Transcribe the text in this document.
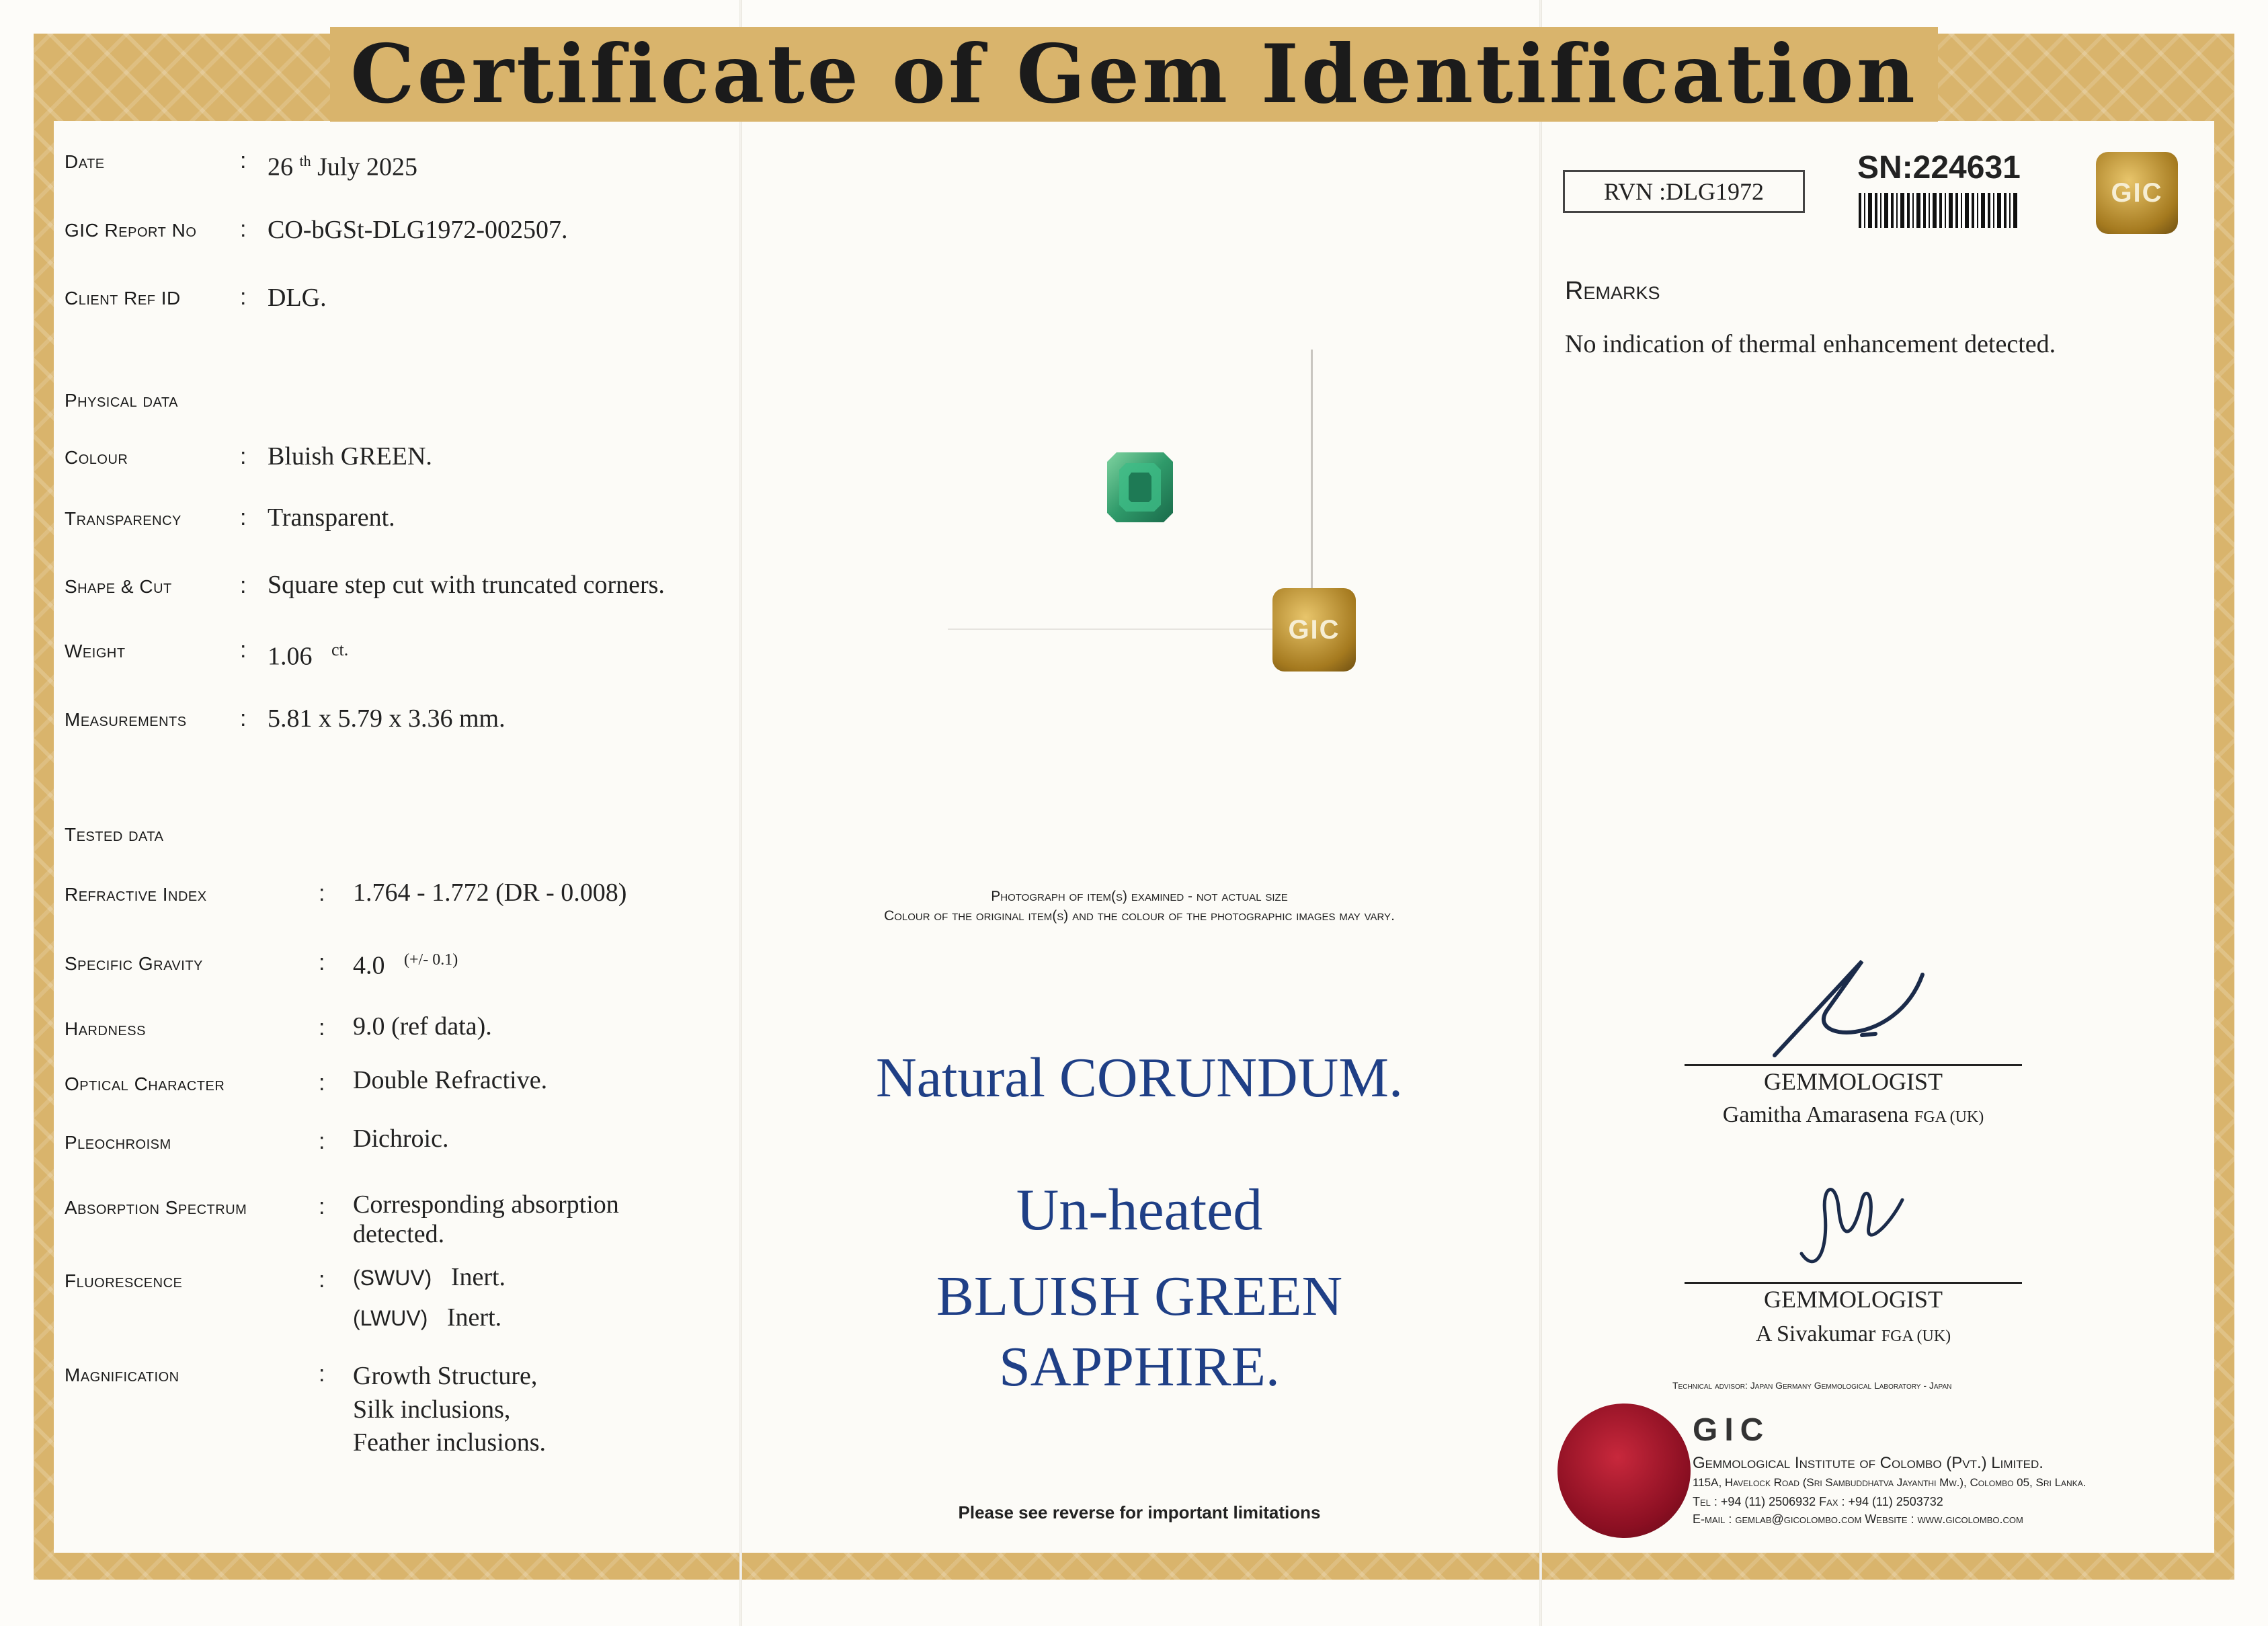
Certificate of Gem Identification
Date	: 26 $^{th}$ July 2025
GIC Report No : CO-bGSt-DLG1972-002507.
Client Ref ID	: DLG.
Physical data
Colour	: Bluish GREEN.
Transparency	: Transparent.
Shape & Cut	: Square step cut with truncated corners.
Weight	: 1.06 $^{ct.}$
Measurements : 5.81 x 5.79 x 3.36 mm.
Tested data
Refractive Index	: 1.764 - 1.772 (DR - 0.008)
Specific Gravity	: 4.0 $^{(+/- 0.1)}$
Hardness	: 9.0 (ref data).
Optical Character	: Double Refractive.
Pleochroism	: Dichroic.
Absorption Spectrum	: Corresponding absorption detected.
Fluorescence	: (SWUV) Inert.
(LWUV) Inert.
Magnification	: Growth Structure,
Silk inclusions,
Feather inclusions.
GIC
Photograph of item(s) examined - not actual size
Colour of the original item(s) and the colour of the photographic images may vary.
Natural CORUNDUM.
Un-heated
BLUISH GREEN
SAPPHIRE.
Please see reverse for important limitations
RVN :DLG1972
SN:224631
GIC
Remarks
No indication of thermal enhancement detected.
GEMMOLOGIST
Gamitha Amarasena FGA (UK)
GEMMOLOGIST
A Sivakumar FGA (UK)
Technical advisor: Japan Germany Gemmological Laboratory - Japan
GIC
Gemmological Institute of Colombo (Pvt.) Limited.
115A, Havelock Road (Sri Sambuddhatva Jayanthi Mw.), Colombo 05, Sri Lanka.
Tel : +94 (11) 2506932 Fax : +94 (11) 2503732
E-mail : gemlab@gicolombo.com Website : www.gicolombo.com
